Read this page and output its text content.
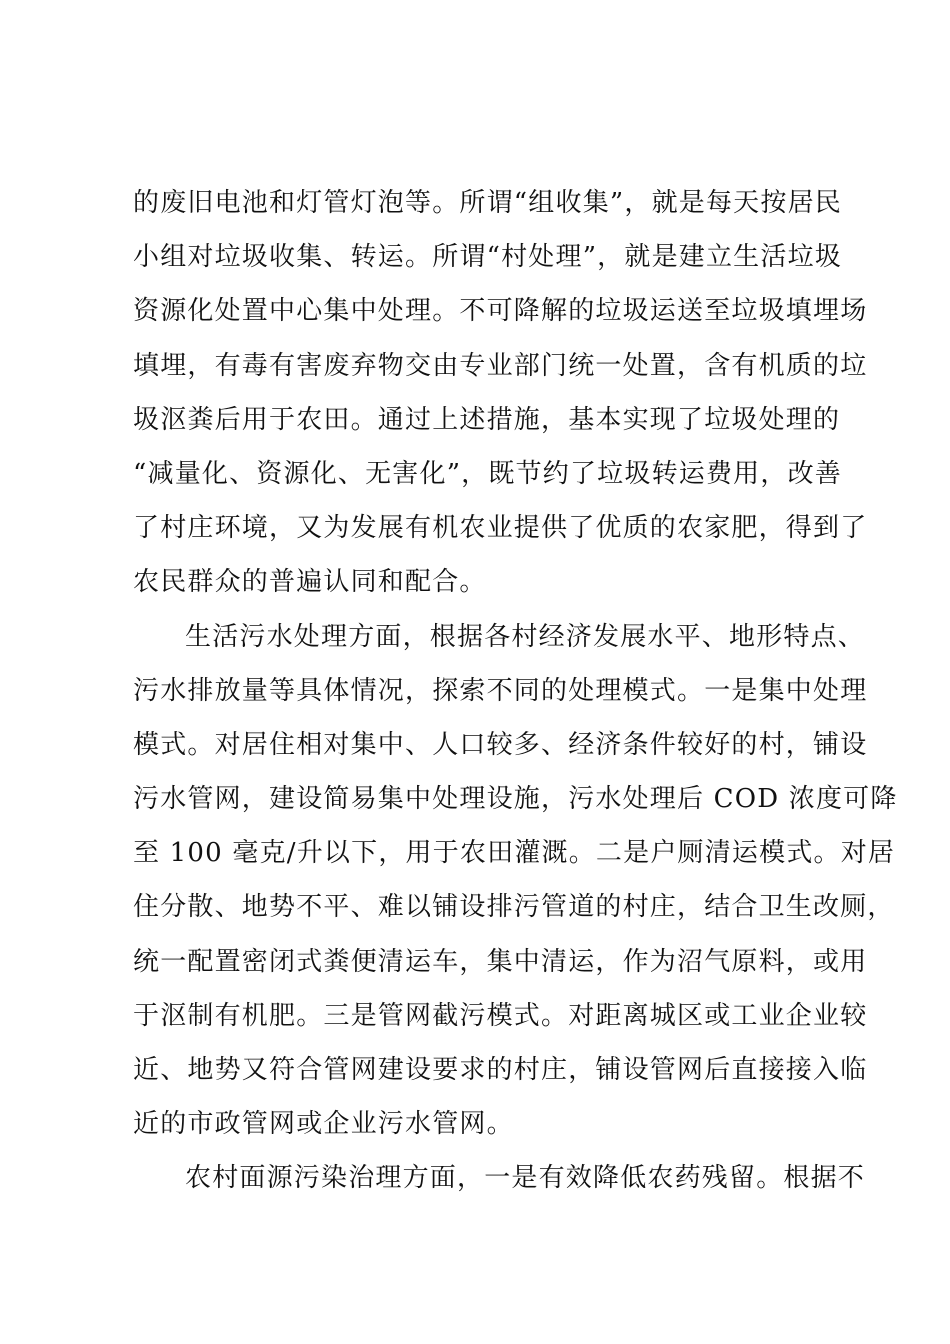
的废旧电池和灯管灯泡等。所谓“组收集”，就是每天按居民
小组对垃圾收集、转运。所谓“村处理”，就是建立生活垃圾
资源化处置中心集中处理。不可降解的垃圾运送至垃圾填埋场
填埋，有毒有害废弃物交由专业部门统一处置，含有机质的垃
圾沤粪后用于农田。通过上述措施，基本实现了垃圾处理的
“减量化、资源化、无害化”，既节约了垃圾转运费用，改善
了村庄环境，又为发展有机农业提供了优质的农家肥，得到了
农民群众的普遍认同和配合。
生活污水处理方面，根据各村经济发展水平、地形特点、
污水排放量等具体情况，探索不同的处理模式。一是集中处理
模式。对居住相对集中、人口较多、经济条件较好的村，铺设
污水管网，建设简易集中处理设施，污水处理后 COD 浓度可降
至 100 毫克/升以下，用于农田灌溉。二是户厕清运模式。对居
住分散、地势不平、难以铺设排污管道的村庄，结合卫生改厕，
统一配置密闭式粪便清运车，集中清运，作为沼气原料，或用
于沤制有机肥。三是管网截污模式。对距离城区或工业企业较
近、地势又符合管网建设要求的村庄，铺设管网后直接接入临
近的市政管网或企业污水管网。
农村面源污染治理方面，一是有效降低农药残留。根据不
